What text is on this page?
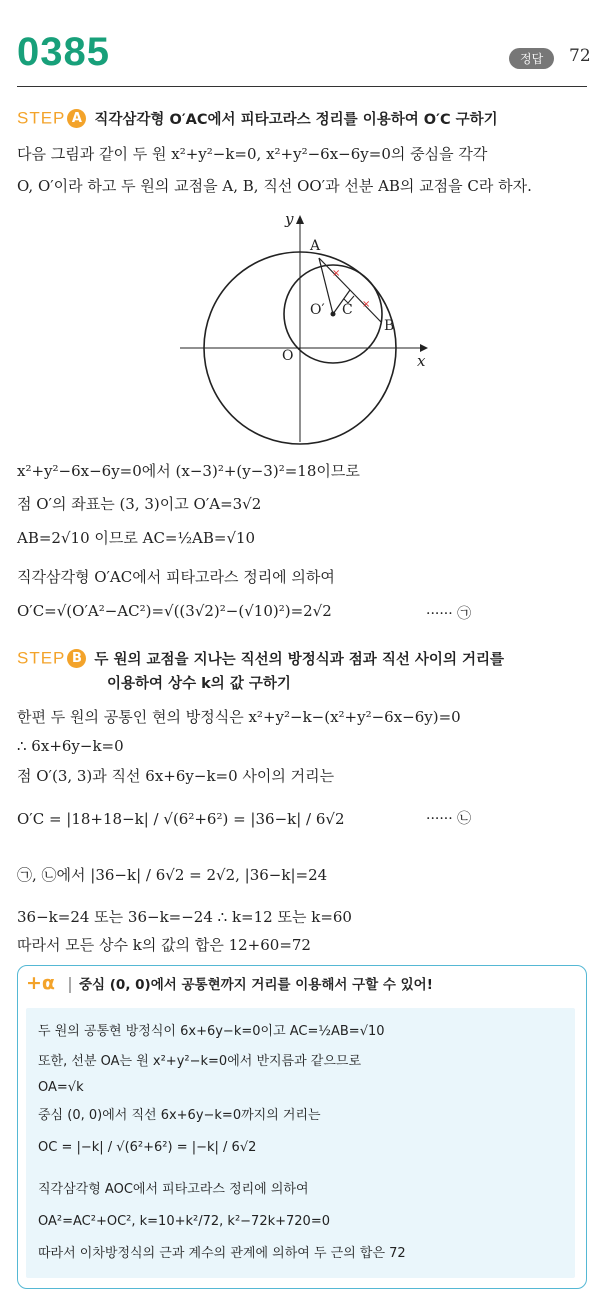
0385	정답	72
STEP A 직각삼각형 O′AC에서 피타고라스 정리를 이용하여 O′C 구하기
다음 그림과 같이 두 원 x²+y²−k=0, x²+y²−6x−6y=0의 중심을 각각
O, O′이라 하고 두 원의 교점을 A, B, 직선 OO′과 선분 AB의 교점을 C라 하자.
×
×
y
x
A
B
O
O′ C
x²+y²−6x−6y=0에서 (x−3)²+(y−3)²=18이므로
점 O′의 좌표는 (3, 3)이고 O′A=3√2
AB=2√10 이므로 AC=½AB=√10
직각삼각형 O′AC에서 피타고라스 정리에 의하여
O′C=√(O′A²−AC²)=√((3√2)²−(√10)²)=2√2	······ ㉠
STEP B 두 원의 교점을 지나는 직선의 방정식과 점과 직선 사이의 거리를
이용하여 상수 k의 값 구하기
한편 두 원의 공통인 현의 방정식은 x²+y²−k−(x²+y²−6x−6y)=0
∴ 6x+6y−k=0
점 O′(3, 3)과 직선 6x+6y−k=0 사이의 거리는
O′C = |18+18−k| / √(6²+6²) = |36−k| / 6√2	······ ㉡
㉠, ㉡에서 |36−k| / 6√2 = 2√2, |36−k|=24
36−k=24 또는 36−k=−24 ∴ k=12 또는 k=60
따라서 모든 상수 k의 값의 합은 12+60=72
+α 중심 (0, 0)에서 공통현까지 거리를 이용해서 구할 수 있어!
두 원의 공통현 방정식이 6x+6y−k=0이고 AC=½AB=√10
또한, 선분 OA는 원 x²+y²−k=0에서 반지름과 같으므로
OA=√k
중심 (0, 0)에서 직선 6x+6y−k=0까지의 거리는
OC = |−k| / √(6²+6²) = |−k| / 6√2
직각삼각형 AOC에서 피타고라스 정리에 의하여
OA²=AC²+OC², k=10+k²/72, k²−72k+720=0
따라서 이차방정식의 근과 계수의 관계에 의하여 두 근의 합은 72
